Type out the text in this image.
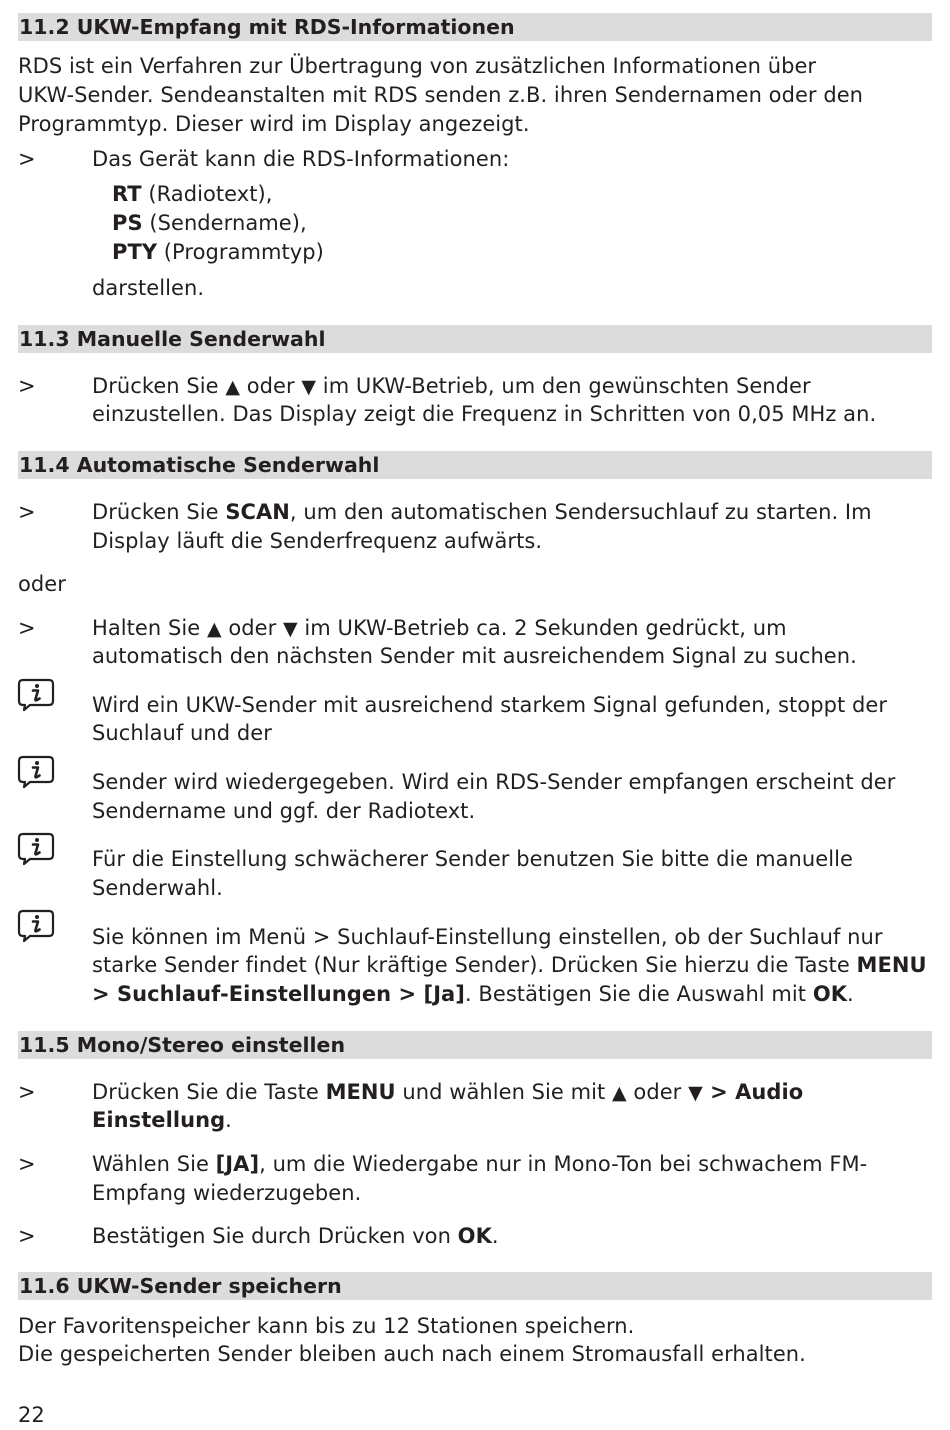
11.2 UKW-Empfang mit RDS-Informationen
RDS ist ein Verfahren zur Übertragung von zusätzlichen Informationen über
UKW-Sender. Sendeanstalten mit RDS senden z.B. ihren Sendernamen oder den
Programmtyp. Dieser wird im Display angezeigt.
>	Das Gerät kann die RDS-Informationen:
RT (Radiotext),
PS (Sendername),
PTY (Programmtyp)
darstellen.
11.3 Manuelle Senderwahl
>	Drücken Sie ▲ oder ▼ im UKW-Betrieb, um den gewünschten Sender
einzustellen. Das Display zeigt die Frequenz in Schritten von 0,05 MHz an.
11.4 Automatische Senderwahl
>	Drücken Sie SCAN, um den automatischen Sendersuchlauf zu starten. Im
Display läuft die Senderfrequenz aufwärts.
oder
>	Halten Sie ▲ oder ▼ im UKW-Betrieb ca. 2 Sekunden gedrückt, um
automatisch den nächsten Sender mit ausreichendem Signal zu suchen.
Wird ein UKW-Sender mit ausreichend starkem Signal gefunden, stoppt der
Suchlauf und der
Sender wird wiedergegeben. Wird ein RDS-Sender empfangen erscheint der
Sendername und ggf. der Radiotext.
Für die Einstellung schwächerer Sender benutzen Sie bitte die manuelle
Senderwahl.
Sie können im Menü > Suchlauf-Einstellung einstellen, ob der Suchlauf nur
starke Sender findet (Nur kräftige Sender). Drücken Sie hierzu die Taste MENU
> Suchlauf-Einstellungen > [Ja]. Bestätigen Sie die Auswahl mit OK.
11.5 Mono/Stereo einstellen
>	Drücken Sie die Taste MENU und wählen Sie mit ▲ oder ▼ > Audio
Einstellung.
>	Wählen Sie [JA], um die Wiedergabe nur in Mono-Ton bei schwachem FM-
Empfang wiederzugeben.
>	Bestätigen Sie durch Drücken von OK.
11.6 UKW-Sender speichern
Der Favoritenspeicher kann bis zu 12 Stationen speichern.
Die gespeicherten Sender bleiben auch nach einem Stromausfall erhalten.
22
